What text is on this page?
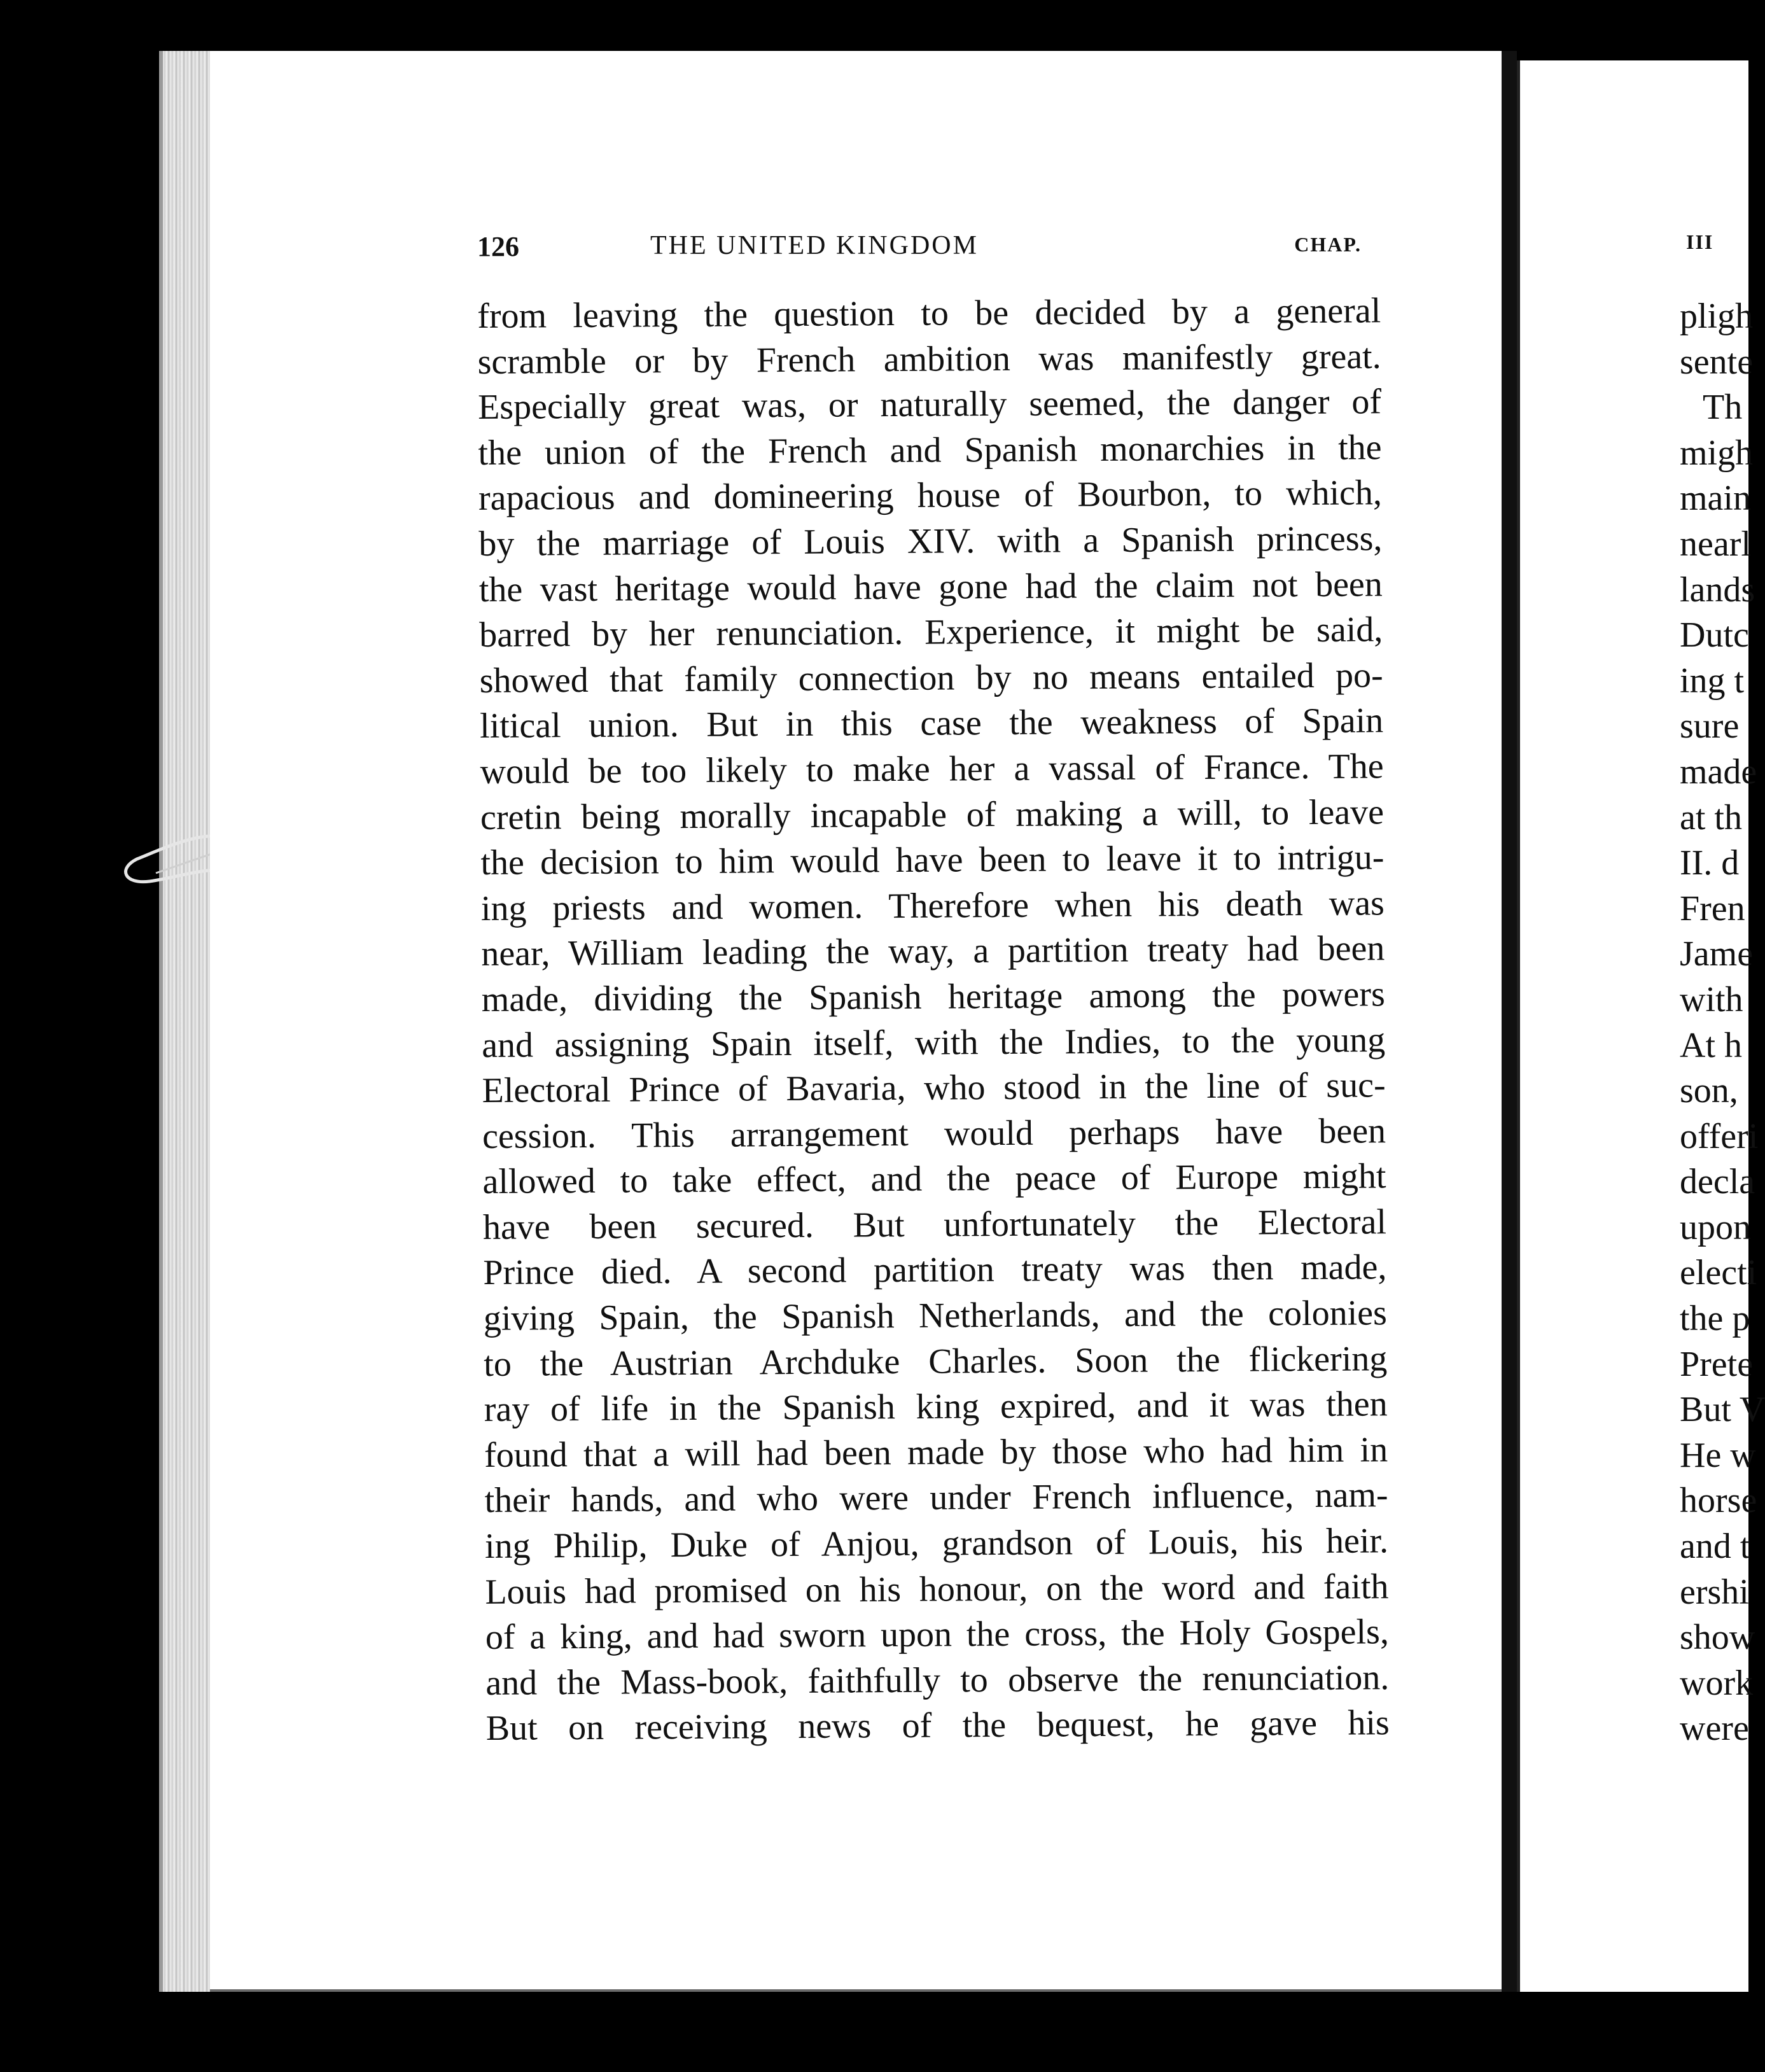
126	THE UNITED KINGDOM	CHAP.
from leaving the question to be decided by a general
scramble or by French ambition was manifestly great.
Especially great was, or naturally seemed, the danger of
the union of the French and Spanish monarchies in the
rapacious and domineering house of Bourbon, to which,
by the marriage of Louis XIV. with a Spanish princess,
the vast heritage would have gone had the claim not been
barred by her renunciation. Experience, it might be said,
showed that family connection by no means entailed po-
litical union. But in this case the weakness of Spain
would be too likely to make her a vassal of France. The
cretin being morally incapable of making a will, to leave
the decision to him would have been to leave it to intrigu-
ing priests and women. Therefore when his death was
near, William leading the way, a partition treaty had been
made, dividing the Spanish heritage among the powers
and assigning Spain itself, with the Indies, to the young
Electoral Prince of Bavaria, who stood in the line of suc-
cession. This arrangement would perhaps have been
allowed to take effect, and the peace of Europe might
have been secured. But unfortunately the Electoral
Prince died. A second partition treaty was then made,
giving Spain, the Spanish Netherlands, and the colonies
to the Austrian Archduke Charles. Soon the flickering
ray of life in the Spanish king expired, and it was then
found that a will had been made by those who had him in
their hands, and who were under French influence, nam-
ing Philip, Duke of Anjou, grandson of Louis, his heir.
Louis had promised on his honour, on the word and faith
of a king, and had sworn upon the cross, the Holy Gospels,
and the Mass-book, faithfully to observe the renunciation.
But on receiving news of the bequest, he gave his
III
pligh
sente
Th
migh
main
nearl
lands
Dutc
ing t
sure
made
at th
II. d
Fren
Jame
with
At h
son,
offeri
decla
upon
electi
the p
Prete
But V
He w
horse
and t
ershi
show
work
were
